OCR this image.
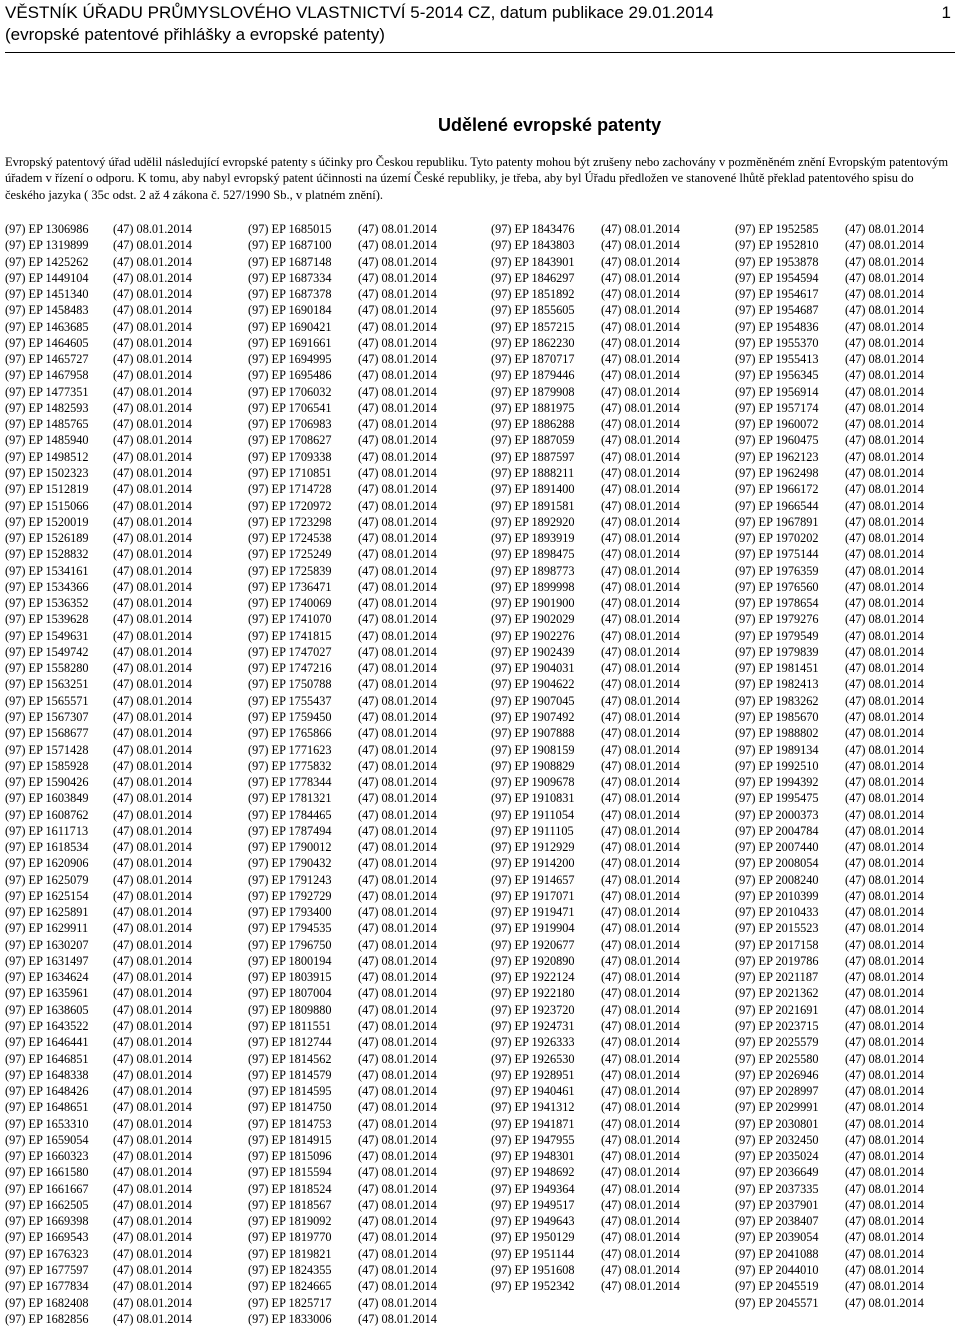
VĚSTNÍK ÚŘADU PRŮMYSLOVÉHO VLASTNICTVÍ 5-2014 CZ, datum publikace 29.01.2014
(evropské patentové přihlášky a evropské patenty)
1
Udělené evropské patenty
Evropský patentový úřad udělil následující evropské patenty s účinky pro Českou republiku. Tyto patenty mohou být zrušeny nebo zachovány v pozměněném znění Evropským patentovým úřadem v řízení o odporu. K tomu, aby nabyl evropský patent účinnosti na území České republiky, je třeba, aby byl Úřadu předložen ve stanovené lhůtě překlad patentového spisu do českého jazyka ( 35c odst. 2 až 4 zákona č. 527/1990 Sb., v platném znění).
(97) EP 1306986	(47) 08.01.2014
(97) EP 1319899	(47) 08.01.2014
(97) EP 1425262	(47) 08.01.2014
(97) EP 1449104	(47) 08.01.2014
(97) EP 1451340	(47) 08.01.2014
(97) EP 1458483	(47) 08.01.2014
(97) EP 1463685	(47) 08.01.2014
(97) EP 1464605	(47) 08.01.2014
(97) EP 1465727	(47) 08.01.2014
(97) EP 1467958	(47) 08.01.2014
(97) EP 1477351	(47) 08.01.2014
(97) EP 1482593	(47) 08.01.2014
(97) EP 1485765	(47) 08.01.2014
(97) EP 1485940	(47) 08.01.2014
(97) EP 1498512	(47) 08.01.2014
(97) EP 1502323	(47) 08.01.2014
(97) EP 1512819	(47) 08.01.2014
(97) EP 1515066	(47) 08.01.2014
(97) EP 1520019	(47) 08.01.2014
(97) EP 1526189	(47) 08.01.2014
(97) EP 1528832	(47) 08.01.2014
(97) EP 1534161	(47) 08.01.2014
(97) EP 1534366	(47) 08.01.2014
(97) EP 1536352	(47) 08.01.2014
(97) EP 1539628	(47) 08.01.2014
(97) EP 1549631	(47) 08.01.2014
(97) EP 1549742	(47) 08.01.2014
(97) EP 1558280	(47) 08.01.2014
(97) EP 1563251	(47) 08.01.2014
(97) EP 1565571	(47) 08.01.2014
(97) EP 1567307	(47) 08.01.2014
(97) EP 1568677	(47) 08.01.2014
(97) EP 1571428	(47) 08.01.2014
(97) EP 1585928	(47) 08.01.2014
(97) EP 1590426	(47) 08.01.2014
(97) EP 1603849	(47) 08.01.2014
(97) EP 1608762	(47) 08.01.2014
(97) EP 1611713	(47) 08.01.2014
(97) EP 1618534	(47) 08.01.2014
(97) EP 1620906	(47) 08.01.2014
(97) EP 1625079	(47) 08.01.2014
(97) EP 1625154	(47) 08.01.2014
(97) EP 1625891	(47) 08.01.2014
(97) EP 1629911	(47) 08.01.2014
(97) EP 1630207	(47) 08.01.2014
(97) EP 1631497	(47) 08.01.2014
(97) EP 1634624	(47) 08.01.2014
(97) EP 1635961	(47) 08.01.2014
(97) EP 1638605	(47) 08.01.2014
(97) EP 1643522	(47) 08.01.2014
(97) EP 1646441	(47) 08.01.2014
(97) EP 1646851	(47) 08.01.2014
(97) EP 1648338	(47) 08.01.2014
(97) EP 1648426	(47) 08.01.2014
(97) EP 1648651	(47) 08.01.2014
(97) EP 1653310	(47) 08.01.2014
(97) EP 1659054	(47) 08.01.2014
(97) EP 1660323	(47) 08.01.2014
(97) EP 1661580	(47) 08.01.2014
(97) EP 1661667	(47) 08.01.2014
(97) EP 1662505	(47) 08.01.2014
(97) EP 1669398	(47) 08.01.2014
(97) EP 1669543	(47) 08.01.2014
(97) EP 1676323	(47) 08.01.2014
(97) EP 1677597	(47) 08.01.2014
(97) EP 1677834	(47) 08.01.2014
(97) EP 1682408	(47) 08.01.2014
(97) EP 1682856	(47) 08.01.2014
(97) EP 1685015	(47) 08.01.2014
(97) EP 1687100	(47) 08.01.2014
(97) EP 1687148	(47) 08.01.2014
(97) EP 1687334	(47) 08.01.2014
(97) EP 1687378	(47) 08.01.2014
(97) EP 1690184	(47) 08.01.2014
(97) EP 1690421	(47) 08.01.2014
(97) EP 1691661	(47) 08.01.2014
(97) EP 1694995	(47) 08.01.2014
(97) EP 1695486	(47) 08.01.2014
(97) EP 1706032	(47) 08.01.2014
(97) EP 1706541	(47) 08.01.2014
(97) EP 1706983	(47) 08.01.2014
(97) EP 1708627	(47) 08.01.2014
(97) EP 1709338	(47) 08.01.2014
(97) EP 1710851	(47) 08.01.2014
(97) EP 1714728	(47) 08.01.2014
(97) EP 1720972	(47) 08.01.2014
(97) EP 1723298	(47) 08.01.2014
(97) EP 1724538	(47) 08.01.2014
(97) EP 1725249	(47) 08.01.2014
(97) EP 1725839	(47) 08.01.2014
(97) EP 1736471	(47) 08.01.2014
(97) EP 1740069	(47) 08.01.2014
(97) EP 1741070	(47) 08.01.2014
(97) EP 1741815	(47) 08.01.2014
(97) EP 1747027	(47) 08.01.2014
(97) EP 1747216	(47) 08.01.2014
(97) EP 1750788	(47) 08.01.2014
(97) EP 1755437	(47) 08.01.2014
(97) EP 1759450	(47) 08.01.2014
(97) EP 1765866	(47) 08.01.2014
(97) EP 1771623	(47) 08.01.2014
(97) EP 1775832	(47) 08.01.2014
(97) EP 1778344	(47) 08.01.2014
(97) EP 1781321	(47) 08.01.2014
(97) EP 1784465	(47) 08.01.2014
(97) EP 1787494	(47) 08.01.2014
(97) EP 1790012	(47) 08.01.2014
(97) EP 1790432	(47) 08.01.2014
(97) EP 1791243	(47) 08.01.2014
(97) EP 1792729	(47) 08.01.2014
(97) EP 1793400	(47) 08.01.2014
(97) EP 1794535	(47) 08.01.2014
(97) EP 1796750	(47) 08.01.2014
(97) EP 1800194	(47) 08.01.2014
(97) EP 1803915	(47) 08.01.2014
(97) EP 1807004	(47) 08.01.2014
(97) EP 1809880	(47) 08.01.2014
(97) EP 1811551	(47) 08.01.2014
(97) EP 1812744	(47) 08.01.2014
(97) EP 1814562	(47) 08.01.2014
(97) EP 1814579	(47) 08.01.2014
(97) EP 1814595	(47) 08.01.2014
(97) EP 1814750	(47) 08.01.2014
(97) EP 1814753	(47) 08.01.2014
(97) EP 1814915	(47) 08.01.2014
(97) EP 1815096	(47) 08.01.2014
(97) EP 1815594	(47) 08.01.2014
(97) EP 1818524	(47) 08.01.2014
(97) EP 1818567	(47) 08.01.2014
(97) EP 1819092	(47) 08.01.2014
(97) EP 1819770	(47) 08.01.2014
(97) EP 1819821	(47) 08.01.2014
(97) EP 1824355	(47) 08.01.2014
(97) EP 1824665	(47) 08.01.2014
(97) EP 1825717	(47) 08.01.2014
(97) EP 1833006	(47) 08.01.2014
(97) EP 1843476	(47) 08.01.2014
(97) EP 1843803	(47) 08.01.2014
(97) EP 1843901	(47) 08.01.2014
(97) EP 1846297	(47) 08.01.2014
(97) EP 1851892	(47) 08.01.2014
(97) EP 1855605	(47) 08.01.2014
(97) EP 1857215	(47) 08.01.2014
(97) EP 1862230	(47) 08.01.2014
(97) EP 1870717	(47) 08.01.2014
(97) EP 1879446	(47) 08.01.2014
(97) EP 1879908	(47) 08.01.2014
(97) EP 1881975	(47) 08.01.2014
(97) EP 1886288	(47) 08.01.2014
(97) EP 1887059	(47) 08.01.2014
(97) EP 1887597	(47) 08.01.2014
(97) EP 1888211	(47) 08.01.2014
(97) EP 1891400	(47) 08.01.2014
(97) EP 1891581	(47) 08.01.2014
(97) EP 1892920	(47) 08.01.2014
(97) EP 1893919	(47) 08.01.2014
(97) EP 1898475	(47) 08.01.2014
(97) EP 1898773	(47) 08.01.2014
(97) EP 1899998	(47) 08.01.2014
(97) EP 1901900	(47) 08.01.2014
(97) EP 1902029	(47) 08.01.2014
(97) EP 1902276	(47) 08.01.2014
(97) EP 1902439	(47) 08.01.2014
(97) EP 1904031	(47) 08.01.2014
(97) EP 1904622	(47) 08.01.2014
(97) EP 1907045	(47) 08.01.2014
(97) EP 1907492	(47) 08.01.2014
(97) EP 1907888	(47) 08.01.2014
(97) EP 1908159	(47) 08.01.2014
(97) EP 1908829	(47) 08.01.2014
(97) EP 1909678	(47) 08.01.2014
(97) EP 1910831	(47) 08.01.2014
(97) EP 1911054	(47) 08.01.2014
(97) EP 1911105	(47) 08.01.2014
(97) EP 1912929	(47) 08.01.2014
(97) EP 1914200	(47) 08.01.2014
(97) EP 1914657	(47) 08.01.2014
(97) EP 1917071	(47) 08.01.2014
(97) EP 1919471	(47) 08.01.2014
(97) EP 1919904	(47) 08.01.2014
(97) EP 1920677	(47) 08.01.2014
(97) EP 1920890	(47) 08.01.2014
(97) EP 1922124	(47) 08.01.2014
(97) EP 1922180	(47) 08.01.2014
(97) EP 1923720	(47) 08.01.2014
(97) EP 1924731	(47) 08.01.2014
(97) EP 1926333	(47) 08.01.2014
(97) EP 1926530	(47) 08.01.2014
(97) EP 1928951	(47) 08.01.2014
(97) EP 1940461	(47) 08.01.2014
(97) EP 1941312	(47) 08.01.2014
(97) EP 1941871	(47) 08.01.2014
(97) EP 1947955	(47) 08.01.2014
(97) EP 1948301	(47) 08.01.2014
(97) EP 1948692	(47) 08.01.2014
(97) EP 1949364	(47) 08.01.2014
(97) EP 1949517	(47) 08.01.2014
(97) EP 1949643	(47) 08.01.2014
(97) EP 1950129	(47) 08.01.2014
(97) EP 1951144	(47) 08.01.2014
(97) EP 1951608	(47) 08.01.2014
(97) EP 1952342	(47) 08.01.2014
(97) EP 1952585	(47) 08.01.2014
(97) EP 1952810	(47) 08.01.2014
(97) EP 1953878	(47) 08.01.2014
(97) EP 1954594	(47) 08.01.2014
(97) EP 1954617	(47) 08.01.2014
(97) EP 1954687	(47) 08.01.2014
(97) EP 1954836	(47) 08.01.2014
(97) EP 1955370	(47) 08.01.2014
(97) EP 1955413	(47) 08.01.2014
(97) EP 1956345	(47) 08.01.2014
(97) EP 1956914	(47) 08.01.2014
(97) EP 1957174	(47) 08.01.2014
(97) EP 1960072	(47) 08.01.2014
(97) EP 1960475	(47) 08.01.2014
(97) EP 1962123	(47) 08.01.2014
(97) EP 1962498	(47) 08.01.2014
(97) EP 1966172	(47) 08.01.2014
(97) EP 1966544	(47) 08.01.2014
(97) EP 1967891	(47) 08.01.2014
(97) EP 1970202	(47) 08.01.2014
(97) EP 1975144	(47) 08.01.2014
(97) EP 1976359	(47) 08.01.2014
(97) EP 1976560	(47) 08.01.2014
(97) EP 1978654	(47) 08.01.2014
(97) EP 1979276	(47) 08.01.2014
(97) EP 1979549	(47) 08.01.2014
(97) EP 1979839	(47) 08.01.2014
(97) EP 1981451	(47) 08.01.2014
(97) EP 1982413	(47) 08.01.2014
(97) EP 1983262	(47) 08.01.2014
(97) EP 1985670	(47) 08.01.2014
(97) EP 1988802	(47) 08.01.2014
(97) EP 1989134	(47) 08.01.2014
(97) EP 1992510	(47) 08.01.2014
(97) EP 1994392	(47) 08.01.2014
(97) EP 1995475	(47) 08.01.2014
(97) EP 2000373	(47) 08.01.2014
(97) EP 2004784	(47) 08.01.2014
(97) EP 2007440	(47) 08.01.2014
(97) EP 2008054	(47) 08.01.2014
(97) EP 2008240	(47) 08.01.2014
(97) EP 2010399	(47) 08.01.2014
(97) EP 2010433	(47) 08.01.2014
(97) EP 2015523	(47) 08.01.2014
(97) EP 2017158	(47) 08.01.2014
(97) EP 2019786	(47) 08.01.2014
(97) EP 2021187	(47) 08.01.2014
(97) EP 2021362	(47) 08.01.2014
(97) EP 2021691	(47) 08.01.2014
(97) EP 2023715	(47) 08.01.2014
(97) EP 2025579	(47) 08.01.2014
(97) EP 2025580	(47) 08.01.2014
(97) EP 2026946	(47) 08.01.2014
(97) EP 2028997	(47) 08.01.2014
(97) EP 2029991	(47) 08.01.2014
(97) EP 2030801	(47) 08.01.2014
(97) EP 2032450	(47) 08.01.2014
(97) EP 2035024	(47) 08.01.2014
(97) EP 2036649	(47) 08.01.2014
(97) EP 2037335	(47) 08.01.2014
(97) EP 2037901	(47) 08.01.2014
(97) EP 2038407	(47) 08.01.2014
(97) EP 2039054	(47) 08.01.2014
(97) EP 2041088	(47) 08.01.2014
(97) EP 2044010	(47) 08.01.2014
(97) EP 2045519	(47) 08.01.2014
(97) EP 2045571	(47) 08.01.2014
